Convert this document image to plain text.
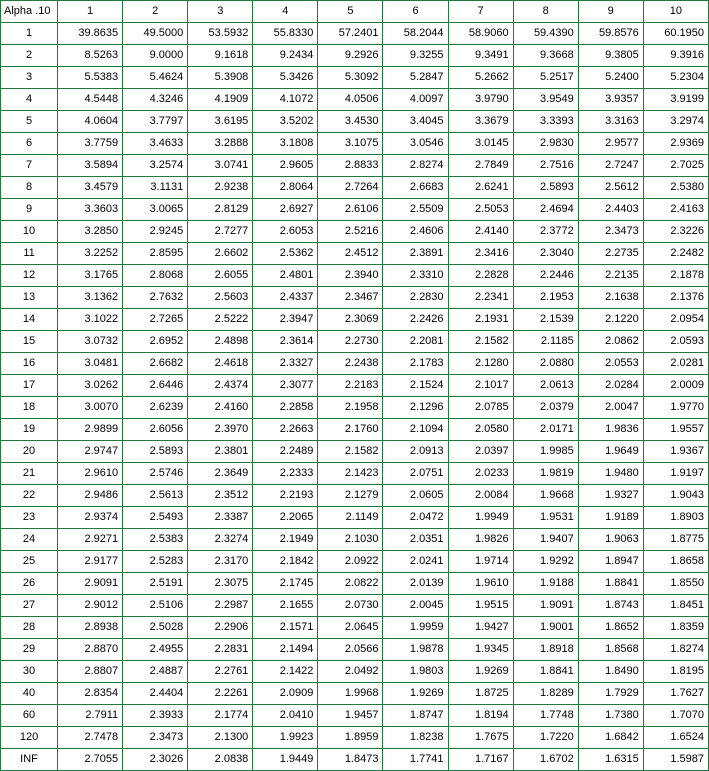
Alpha .10	1	2	3	4	5	6	7	8	9	10
1	39.8635	49.5000	53.5932	55.8330	57.2401	58.2044	58.9060	59.4390	59.8576	60.1950
2	8.5263	9.0000	9.1618	9.2434	9.2926	9.3255	9.3491	9.3668	9.3805	9.3916
3	5.5383	5.4624	5.3908	5.3426	5.3092	5.2847	5.2662	5.2517	5.2400	5.2304
4	4.5448	4.3246	4.1909	4.1072	4.0506	4.0097	3.9790	3.9549	3.9357	3.9199
5	4.0604	3.7797	3.6195	3.5202	3.4530	3.4045	3.3679	3.3393	3.3163	3.2974
6	3.7759	3.4633	3.2888	3.1808	3.1075	3.0546	3.0145	2.9830	2.9577	2.9369
7	3.5894	3.2574	3.0741	2.9605	2.8833	2.8274	2.7849	2.7516	2.7247	2.7025
8	3.4579	3.1131	2.9238	2.8064	2.7264	2.6683	2.6241	2.5893	2.5612	2.5380
9	3.3603	3.0065	2.8129	2.6927	2.6106	2.5509	2.5053	2.4694	2.4403	2.4163
10	3.2850	2.9245	2.7277	2.6053	2.5216	2.4606	2.4140	2.3772	2.3473	2.3226
11	3.2252	2.8595	2.6602	2.5362	2.4512	2.3891	2.3416	2.3040	2.2735	2.2482
12	3.1765	2.8068	2.6055	2.4801	2.3940	2.3310	2.2828	2.2446	2.2135	2.1878
13	3.1362	2.7632	2.5603	2.4337	2.3467	2.2830	2.2341	2.1953	2.1638	2.1376
14	3.1022	2.7265	2.5222	2.3947	2.3069	2.2426	2.1931	2.1539	2.1220	2.0954
15	3.0732	2.6952	2.4898	2.3614	2.2730	2.2081	2.1582	2.1185	2.0862	2.0593
16	3.0481	2.6682	2.4618	2.3327	2.2438	2.1783	2.1280	2.0880	2.0553	2.0281
17	3.0262	2.6446	2.4374	2.3077	2.2183	2.1524	2.1017	2.0613	2.0284	2.0009
18	3.0070	2.6239	2.4160	2.2858	2.1958	2.1296	2.0785	2.0379	2.0047	1.9770
19	2.9899	2.6056	2.3970	2.2663	2.1760	2.1094	2.0580	2.0171	1.9836	1.9557
20	2.9747	2.5893	2.3801	2.2489	2.1582	2.0913	2.0397	1.9985	1.9649	1.9367
21	2.9610	2.5746	2.3649	2.2333	2.1423	2.0751	2.0233	1.9819	1.9480	1.9197
22	2.9486	2.5613	2.3512	2.2193	2.1279	2.0605	2.0084	1.9668	1.9327	1.9043
23	2.9374	2.5493	2.3387	2.2065	2.1149	2.0472	1.9949	1.9531	1.9189	1.8903
24	2.9271	2.5383	2.3274	2.1949	2.1030	2.0351	1.9826	1.9407	1.9063	1.8775
25	2.9177	2.5283	2.3170	2.1842	2.0922	2.0241	1.9714	1.9292	1.8947	1.8658
26	2.9091	2.5191	2.3075	2.1745	2.0822	2.0139	1.9610	1.9188	1.8841	1.8550
27	2.9012	2.5106	2.2987	2.1655	2.0730	2.0045	1.9515	1.9091	1.8743	1.8451
28	2.8938	2.5028	2.2906	2.1571	2.0645	1.9959	1.9427	1.9001	1.8652	1.8359
29	2.8870	2.4955	2.2831	2.1494	2.0566	1.9878	1.9345	1.8918	1.8568	1.8274
30	2.8807	2.4887	2.2761	2.1422	2.0492	1.9803	1.9269	1.8841	1.8490	1.8195
40	2.8354	2.4404	2.2261	2.0909	1.9968	1.9269	1.8725	1.8289	1.7929	1.7627
60	2.7911	2.3933	2.1774	2.0410	1.9457	1.8747	1.8194	1.7748	1.7380	1.7070
120	2.7478	2.3473	2.1300	1.9923	1.8959	1.8238	1.7675	1.7220	1.6842	1.6524
INF	2.7055	2.3026	2.0838	1.9449	1.8473	1.7741	1.7167	1.6702	1.6315	1.5987
